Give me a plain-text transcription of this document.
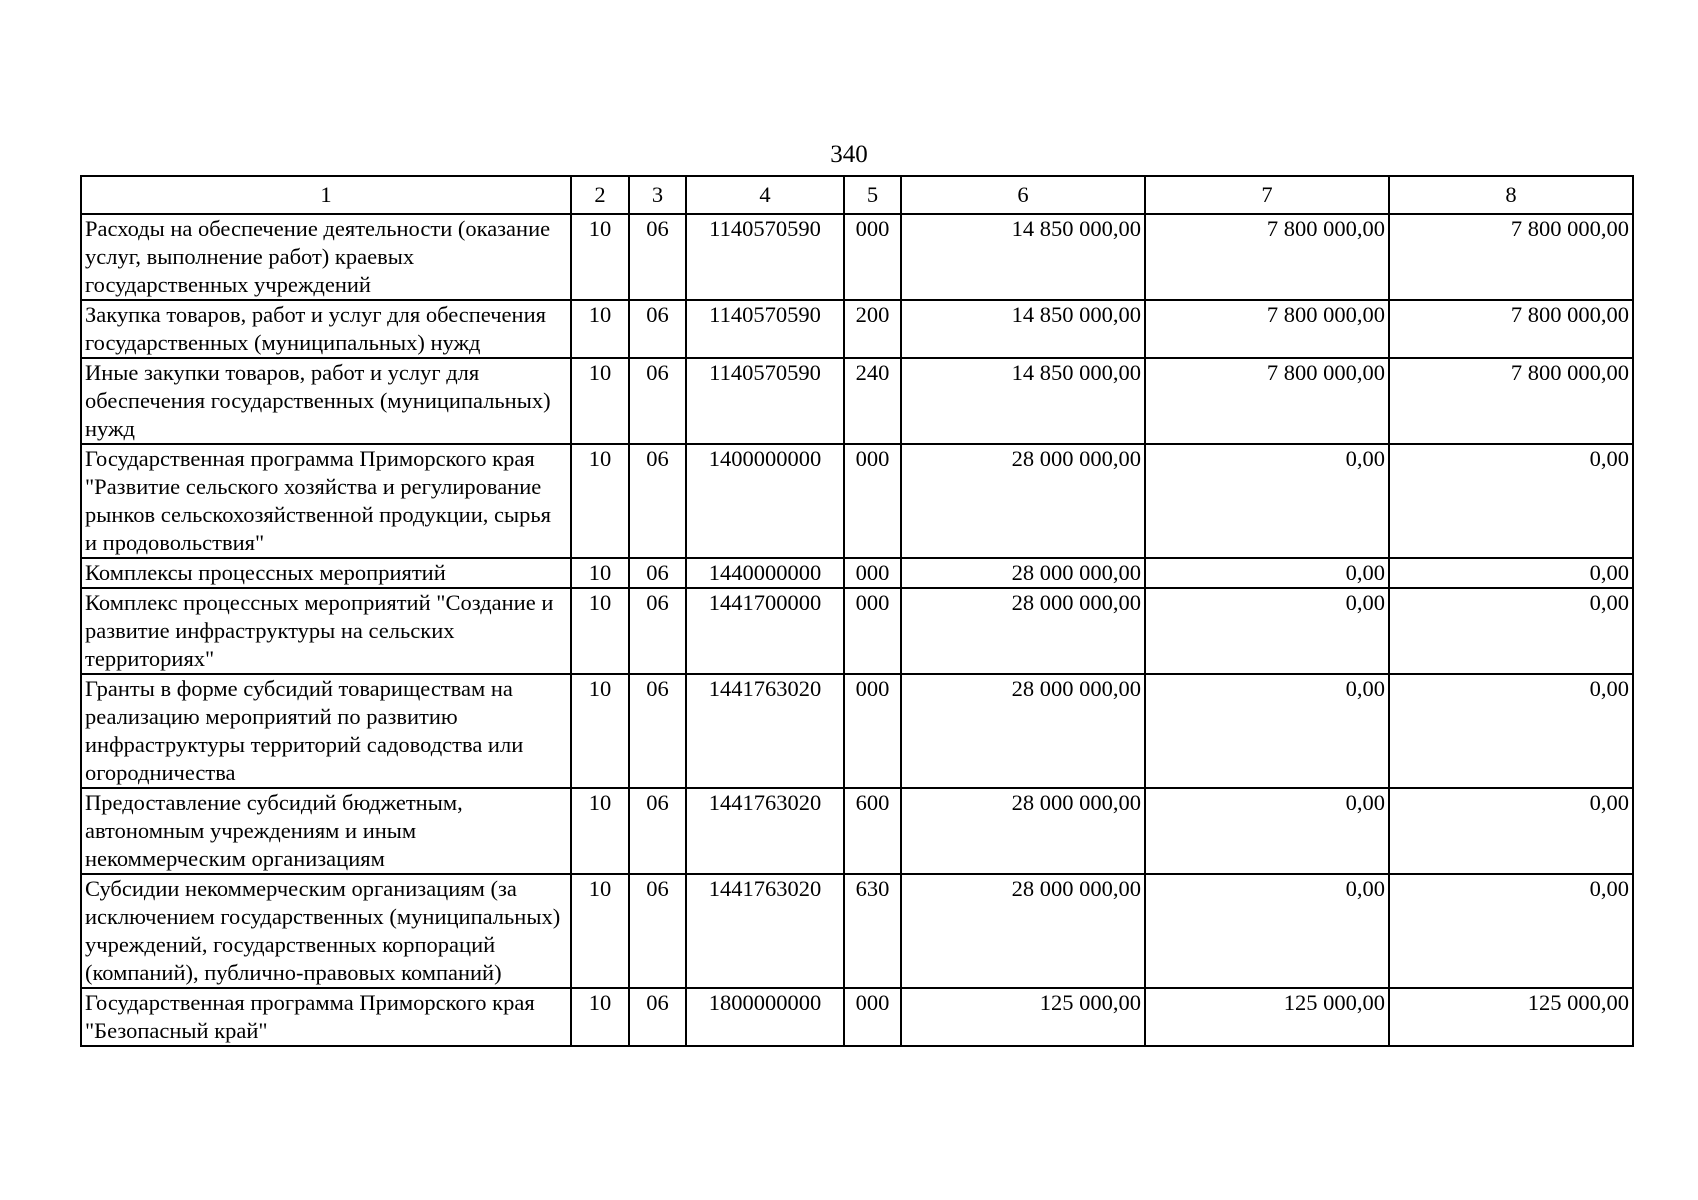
340
1	2	3	4	5	6	7	8
Расходы на обеспечение деятельности (оказание услуг, выполнение работ) краевых государственных учреждений	10	06	1140570590	000	14 850 000,00	7 800 000,00	7 800 000,00
Закупка товаров, работ и услуг для обеспечения государственных (муниципальных) нужд	10	06	1140570590	200	14 850 000,00	7 800 000,00	7 800 000,00
Иные закупки товаров, работ и услуг для обеспечения государственных (муниципальных) нужд	10	06	1140570590	240	14 850 000,00	7 800 000,00	7 800 000,00
Государственная программа Приморского края "Развитие сельского хозяйства и регулирование рынков сельскохозяйственной продукции, сырья и продовольствия"	10	06	1400000000	000	28 000 000,00	0,00	0,00
Комплексы процессных мероприятий	10	06	1440000000	000	28 000 000,00	0,00	0,00
Комплекс процессных мероприятий "Создание и развитие инфраструктуры на сельских территориях"	10	06	1441700000	000	28 000 000,00	0,00	0,00
Гранты в форме субсидий товариществам на реализацию мероприятий по развитию инфраструктуры территорий садоводства или огородничества	10	06	1441763020	000	28 000 000,00	0,00	0,00
Предоставление субсидий бюджетным, автономным учреждениям и иным некоммерческим организациям	10	06	1441763020	600	28 000 000,00	0,00	0,00
Субсидии некоммерческим организациям (за исключением государственных (муниципальных) учреждений, государственных корпораций (компаний), публично-правовых компаний)	10	06	1441763020	630	28 000 000,00	0,00	0,00
Государственная программа Приморского края "Безопасный край"	10	06	1800000000	000	125 000,00	125 000,00	125 000,00
